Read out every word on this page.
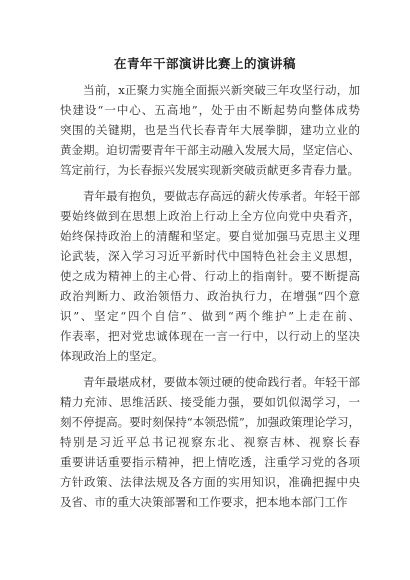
在青年干部演讲比赛上的演讲稿
当前，x正聚力实施全面振兴新突破三年攻坚行动，加
快建设“一中心、五高地”，处于由不断起势向整体成势
突围的关键期，也是当代长春青年大展拳脚，建功立业的
黄金期。迫切需要青年干部主动融入发展大局，坚定信心、
笃定前行，为长春振兴发展实现新突破贡献更多青春力量。
青年最有抱负，要做志存高远的薪火传承者。年轻干部
要始终做到在思想上政治上行动上全方位向党中央看齐，
始终保持政治上的清醒和坚定。要自觉加强马克思主义理
论武装，深入学习习近平新时代中国特色社会主义思想，
使之成为精神上的主心骨、行动上的指南针。要不断提高
政治判断力、政治领悟力、政治执行力，在增强“四个意
识”、坚定“四个自信”、做到“两个维护”上走在前、
作表率，把对党忠诚体现在一言一行中，以行动上的坚决
体现政治上的坚定。
青年最堪成材，要做本领过硬的使命践行者。年轻干部
精力充沛、思维活跃、接受能力强，要如饥似渴学习，一
刻不停提高。要时刻保持“本领恐慌”，加强政策理论学习，
特别是习近平总书记视察东北、视察吉林、视察长春
重要讲话重要指示精神，把上情吃透，注重学习党的各项
方针政策、法律法规及各方面的实用知识，准确把握中央
及省、市的重大决策部署和工作要求，把本地本部门工作
